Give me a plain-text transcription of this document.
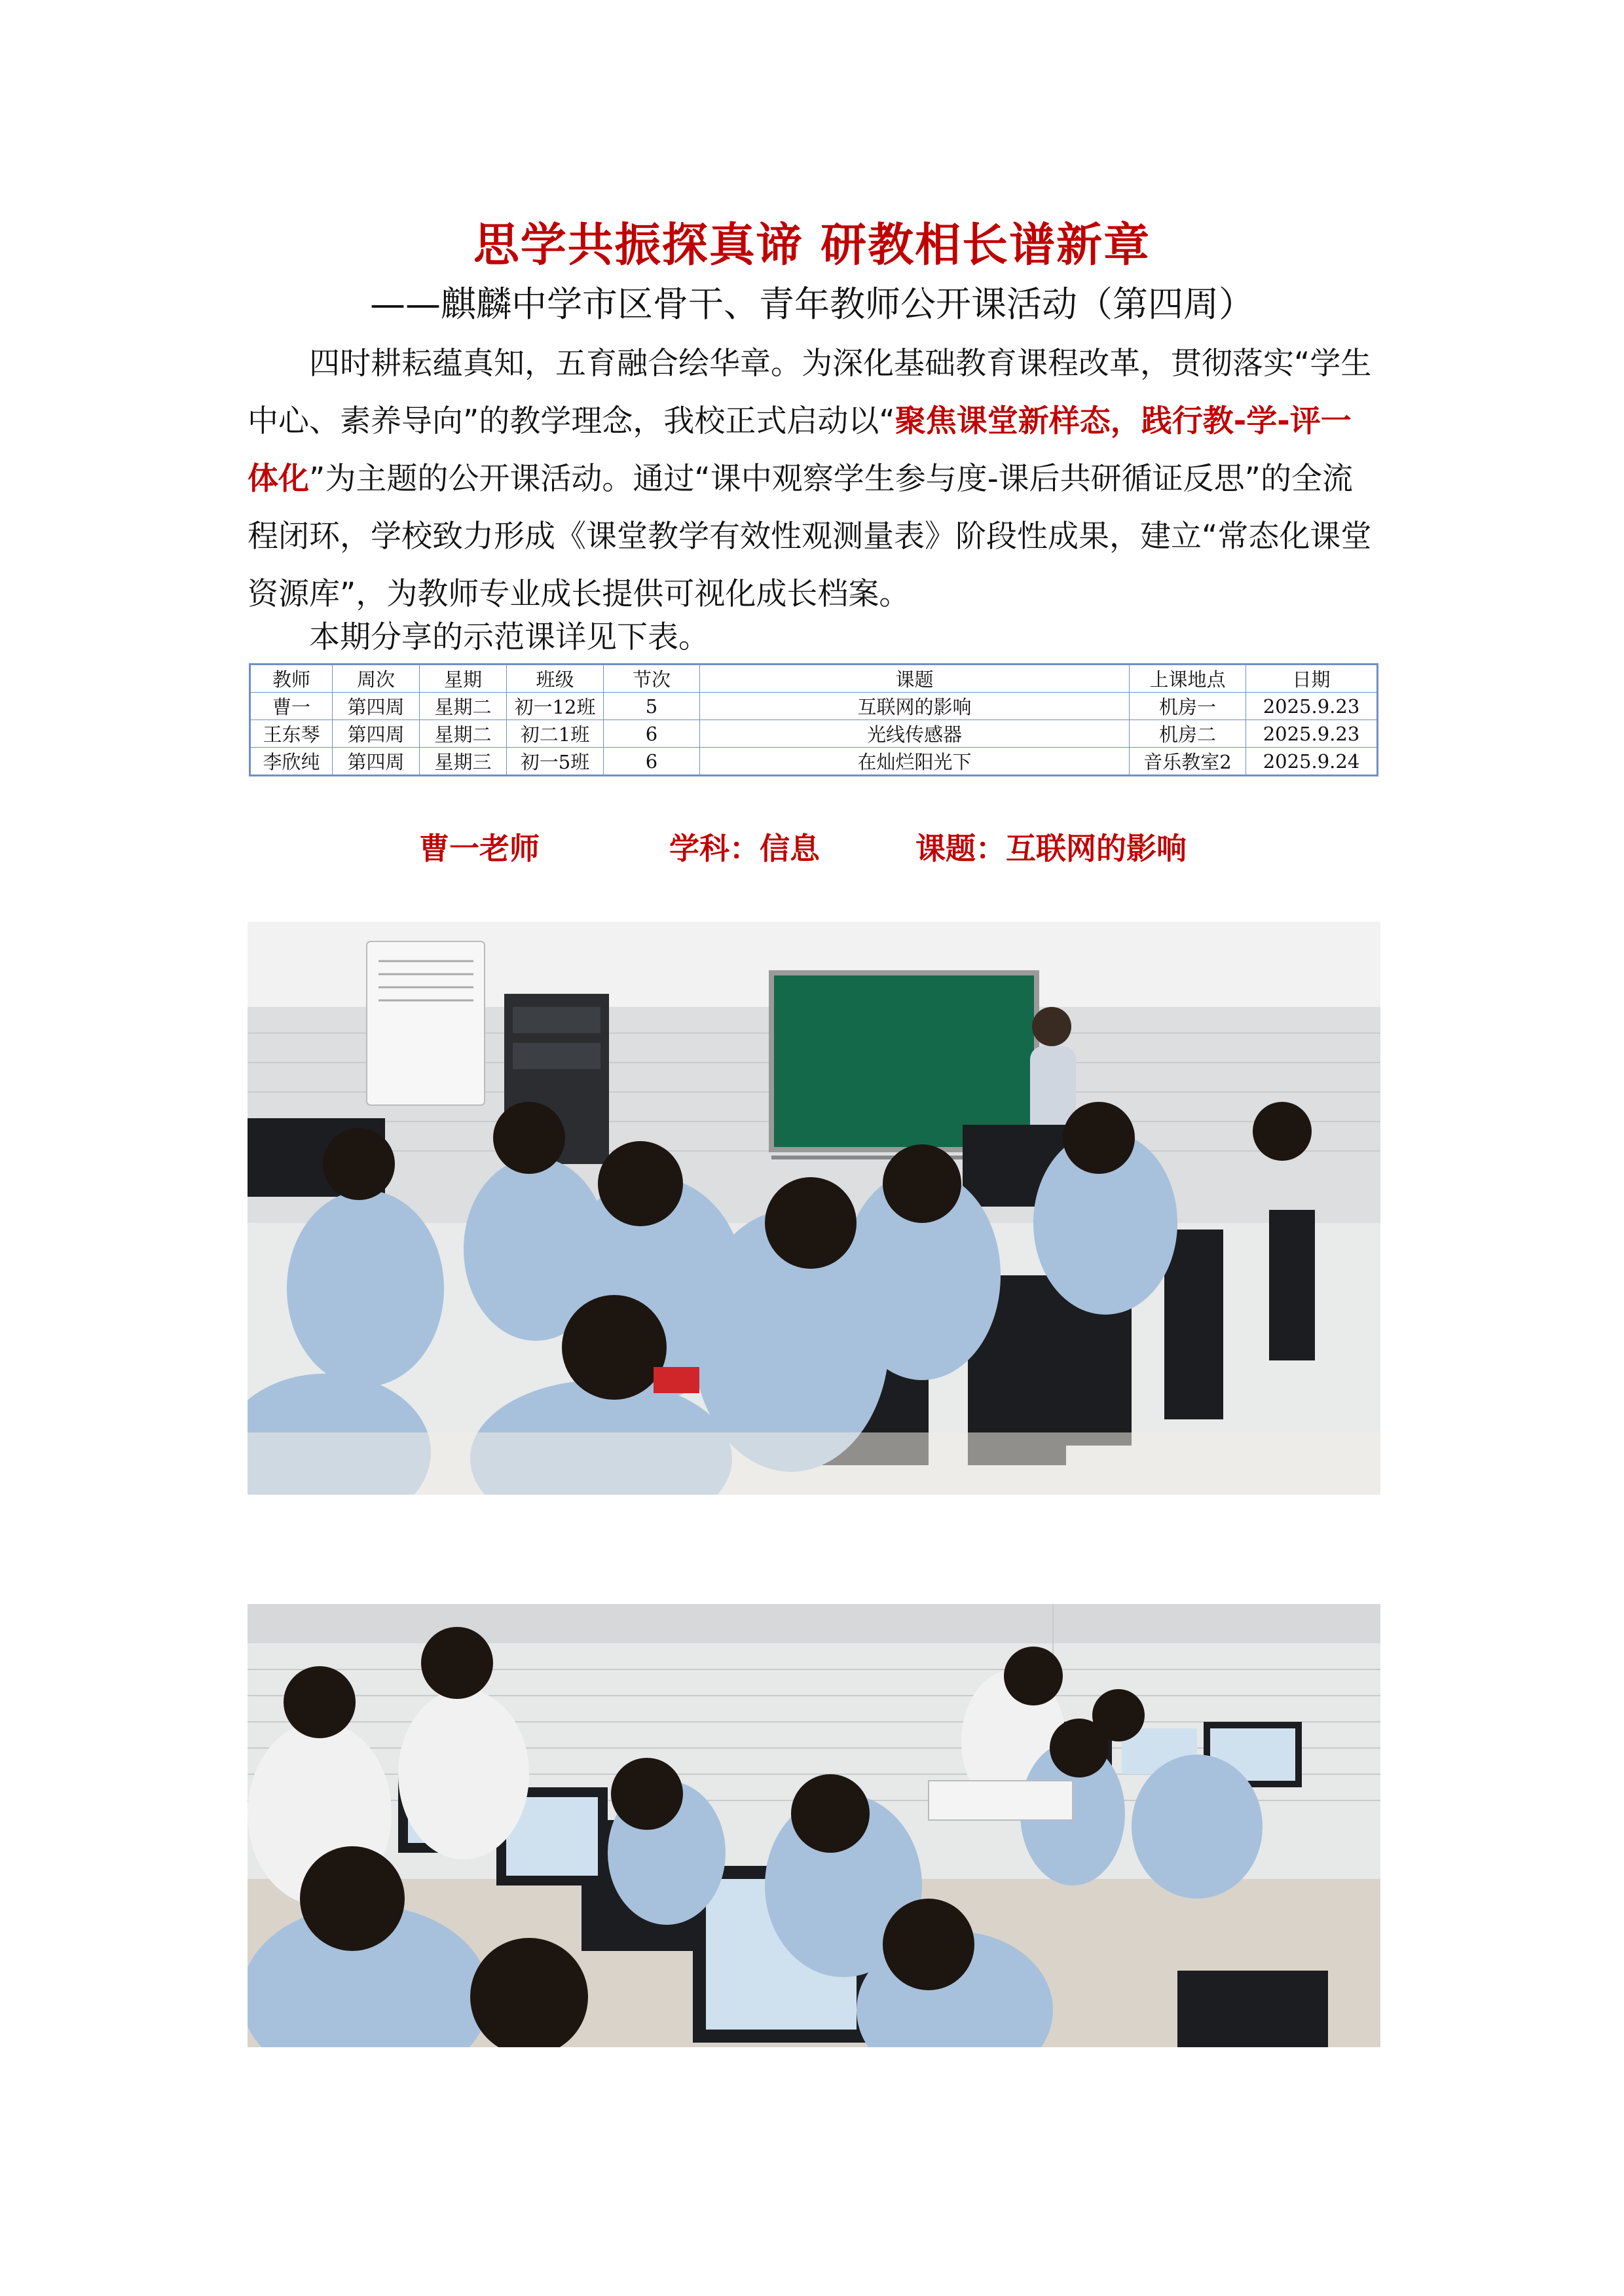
思学共振探真谛 研教相长谱新章
——麒麟中学市区骨干、青年教师公开课活动（第四周）
四时耕耘蕴真知，五育融合绘华章。为深化基础教育课程改革，贯彻落实“学生中心、素养导向”的教学理念，我校正式启动以“聚焦课堂新样态，践行教-学-评一体化”为主题的公开课活动。通过“课中观察学生参与度-课后共研循证反思”的全流程闭环，学校致力形成《课堂教学有效性观测量表》阶段性成果，建立“常态化课堂资源库”，为教师专业成长提供可视化成长档案。
本期分享的示范课详见下表。
教师	周次	星期	班级	节次	课题	上课地点	日期
曹一	第四周	星期二	初一12班	5	互联网的影响	机房一	2025.9.23
王东琴	第四周	星期二	初二1班	6	光线传感器	机房二	2025.9.23
李欣纯	第四周	星期三	初一5班	6	在灿烂阳光下	音乐教室2	2025.9.24
曹一老师	学科：信息	课题：互联网的影响
